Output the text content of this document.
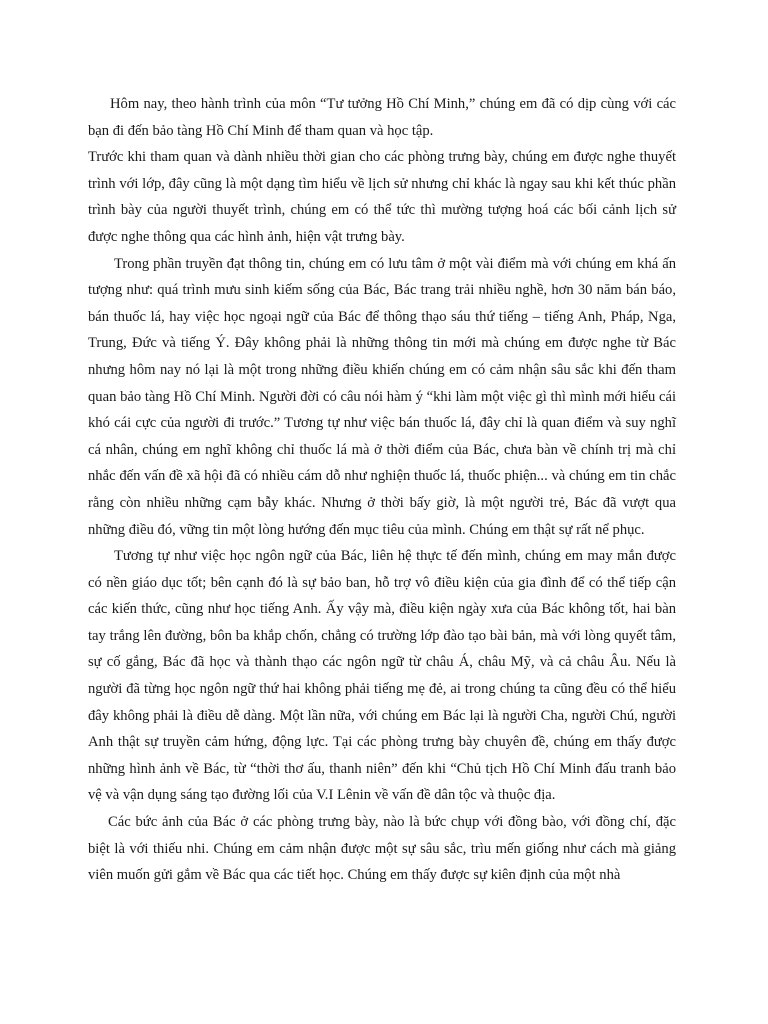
Hôm nay, theo hành trình của môn “Tư tưởng Hồ Chí Minh,” chúng em đã có dịp cùng với các bạn đi đến bảo tàng Hồ Chí Minh để tham quan và học tập.

Trước khi tham quan và dành nhiều thời gian cho các phòng trưng bày, chúng em được nghe thuyết trình với lớp, đây cũng là một dạng tìm hiểu về lịch sử nhưng chỉ khác là ngay sau khi kết thúc phần trình bày của người thuyết trình, chúng em có thể tức thì mường tượng hoá các bối cảnh lịch sử được nghe thông qua các hình ảnh, hiện vật trưng bày.

Trong phần truyền đạt thông tin, chúng em có lưu tâm ở một vài điểm mà với chúng em khá ấn tượng như: quá trình mưu sinh kiếm sống của Bác, Bác trang trải nhiều nghề, hơn 30 năm bán báo, bán thuốc lá, hay việc học ngoại ngữ của Bác để thông thạo sáu thứ tiếng – tiếng Anh, Pháp, Nga, Trung, Đức và tiếng Ý. Đây không phải là những thông tin mới mà chúng em được nghe từ Bác nhưng hôm nay nó lại là một trong những điều khiến chúng em có cảm nhận sâu sắc khi đến tham quan bảo tàng Hồ Chí Minh. Người đời có câu nói hàm ý “khi làm một việc gì thì mình mới hiểu cái khó cái cực của người đi trước.” Tương tự như việc bán thuốc lá, đây chỉ là quan điểm và suy nghĩ cá nhân, chúng em nghĩ không chỉ thuốc lá mà ở thời điểm của Bác, chưa bàn về chính trị mà chỉ nhắc đến vấn đề xã hội đã có nhiều cám dỗ như nghiện thuốc lá, thuốc phiện... và chúng em tin chắc rằng còn nhiều những cạm bẫy khác. Nhưng ở thời bấy giờ, là một người trẻ, Bác đã vượt qua những điều đó, vững tin một lòng hướng đến mục tiêu của mình. Chúng em thật sự rất nể phục.

Tương tự như việc học ngôn ngữ của Bác, liên hệ thực tế đến mình, chúng em may mắn được có nền giáo dục tốt; bên cạnh đó là sự bảo ban, hỗ trợ vô điều kiện của gia đình để có thể tiếp cận các kiến thức, cũng như học tiếng Anh. Ấy vậy mà, điều kiện ngày xưa của Bác không tốt, hai bàn tay trắng lên đường, bôn ba khắp chốn, chẳng có trường lớp đào tạo bài bản, mà với lòng quyết tâm, sự cố gắng, Bác đã học và thành thạo các ngôn ngữ từ châu Á, châu Mỹ, và cả châu Âu. Nếu là người đã từng học ngôn ngữ thứ hai không phải tiếng mẹ đẻ, ai trong chúng ta cũng đều có thể hiểu đây không phải là điều dễ dàng. Một lần nữa, với chúng em Bác lại là người Cha, người Chú, người Anh thật sự truyền cảm hứng, động lực. Tại các phòng trưng bày chuyên đề, chúng em thấy được những hình ảnh về Bác, từ “thời thơ ấu, thanh niên” đến khi “Chủ tịch Hồ Chí Minh đấu tranh bảo vệ và vận dụng sáng tạo đường lối của V.I Lênin về vấn đề dân tộc và thuộc địa.

Các bức ảnh của Bác ở các phòng trưng bày, nào là bức chụp với đồng bào, với đồng chí, đặc biệt là với thiếu nhi. Chúng em cảm nhận được một sự sâu sắc, trìu mến giống như cách mà giảng viên muốn gửi gắm về Bác qua các tiết học. Chúng em thấy được sự kiên định của một nhà
